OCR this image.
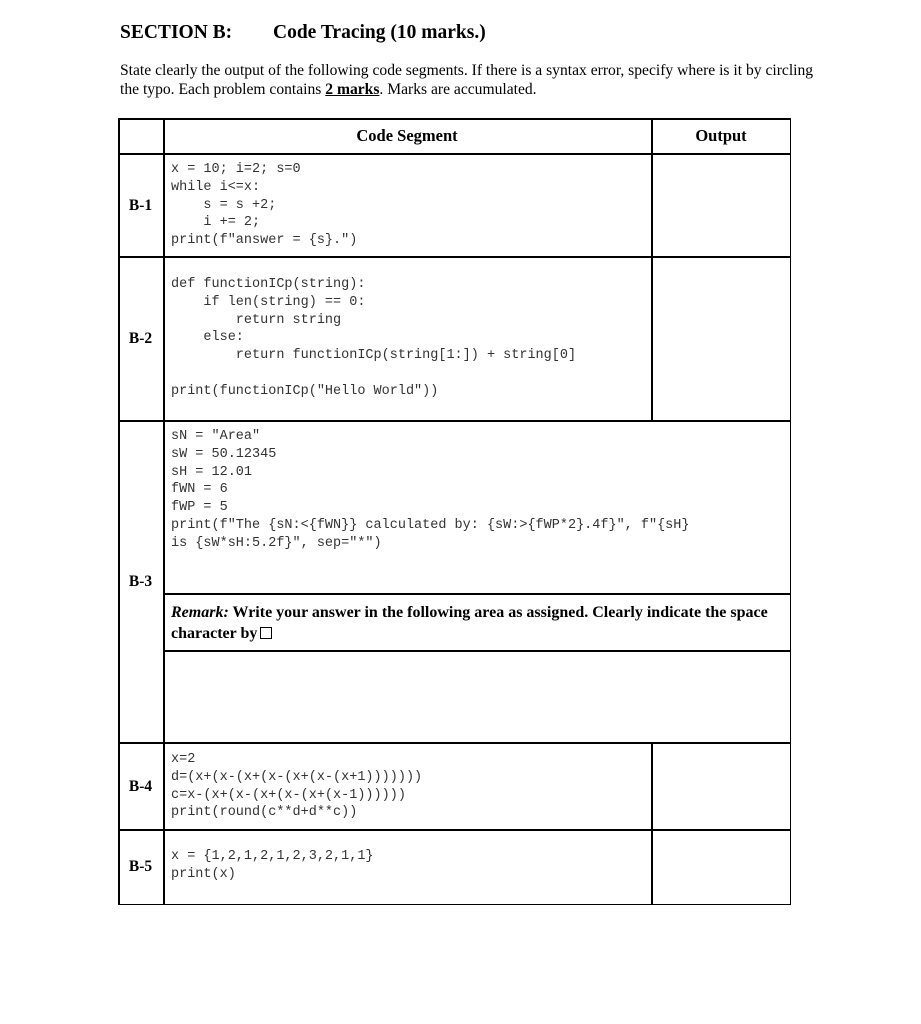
SECTION B: Code Tracing (10 marks.)
State clearly the output of the following code segments. If there is a syntax error, specify where is it by circling the typo. Each problem contains 2 marks. Marks are accumulated.
Code Segment	Output
B-1
x = 10; i=2; s=0
while i<=x:
s = s +2;
i += 2;
print(f"answer = {s}.")
B-2
def functionICp(string):
if len(string) == 0:
return string
else:
return functionICp(string[1:]) + string[0]

print(functionICp("Hello World"))
B-3
sN = "Area"
sW = 50.12345
sH = 12.01
fWN = 6
fWP = 5
print(f"The {sN:<{fWN}} calculated by: {sW:>{fWP*2}.4f}", f"{sH}
is {sW*sH:5.2f}", sep="*")
Remark: Write your answer in the following area as assigned. Clearly indicate the space character by
B-4
x=2
d=(x+(x-(x+(x-(x+(x-(x+1)))))))
c=x-(x+(x-(x+(x-(x+(x-1))))))
print(round(c**d+d**c))
B-5
x = {1,2,1,2,1,2,3,2,1,1}
print(x)
